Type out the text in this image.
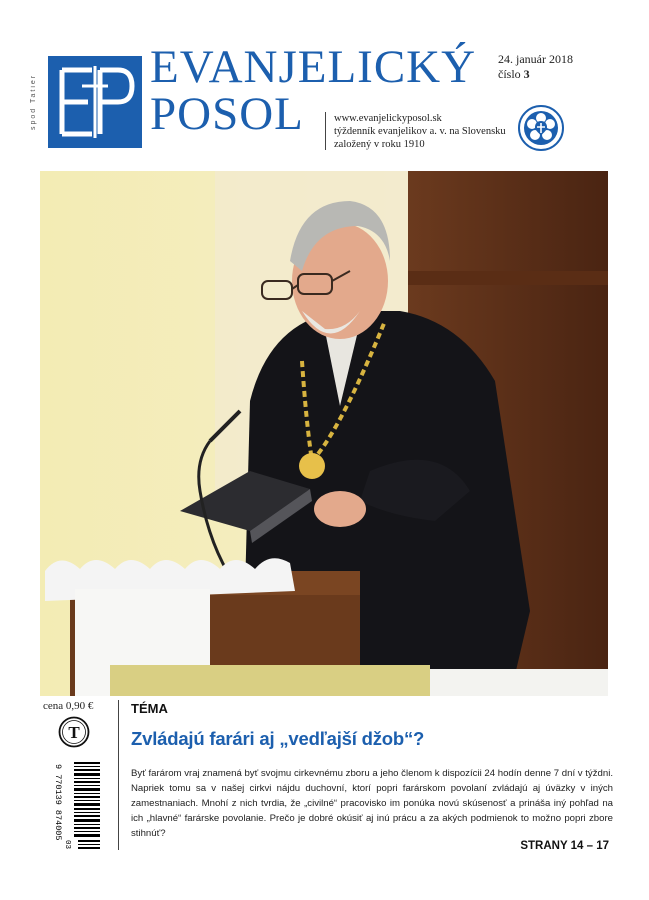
spod Tatier
EVANJELICKÝ
POSOL
24. január 2018
číslo 3
www.evanjelickyposol.sk
týždenník evanjelikov a. v. na Slovensku
založený v roku 1910
cena 0,90 €
T
9 770139 874005
03
TÉMA
Zvládajú farári aj „vedľajší džob“?
Byť farárom vraj znamená byť svojmu cirkevnému zboru a jeho členom k dispozícii 24 hodín denne 7 dní v týždni. Napriek tomu sa v našej cirkvi nájdu duchovní, ktorí popri farárskom povolaní zvládajú aj úväzky v iných zamestnaniach. Mnohí z nich tvrdia, že „civilné“ pracovisko im ponúka novú skúsenosť a prináša iný pohľad na ich „hlavné“ farárske povolanie. Prečo je dobré okúsiť aj inú prácu a za akých podmienok to možno popri zbore stihnúť?
STRANY 14 – 17
